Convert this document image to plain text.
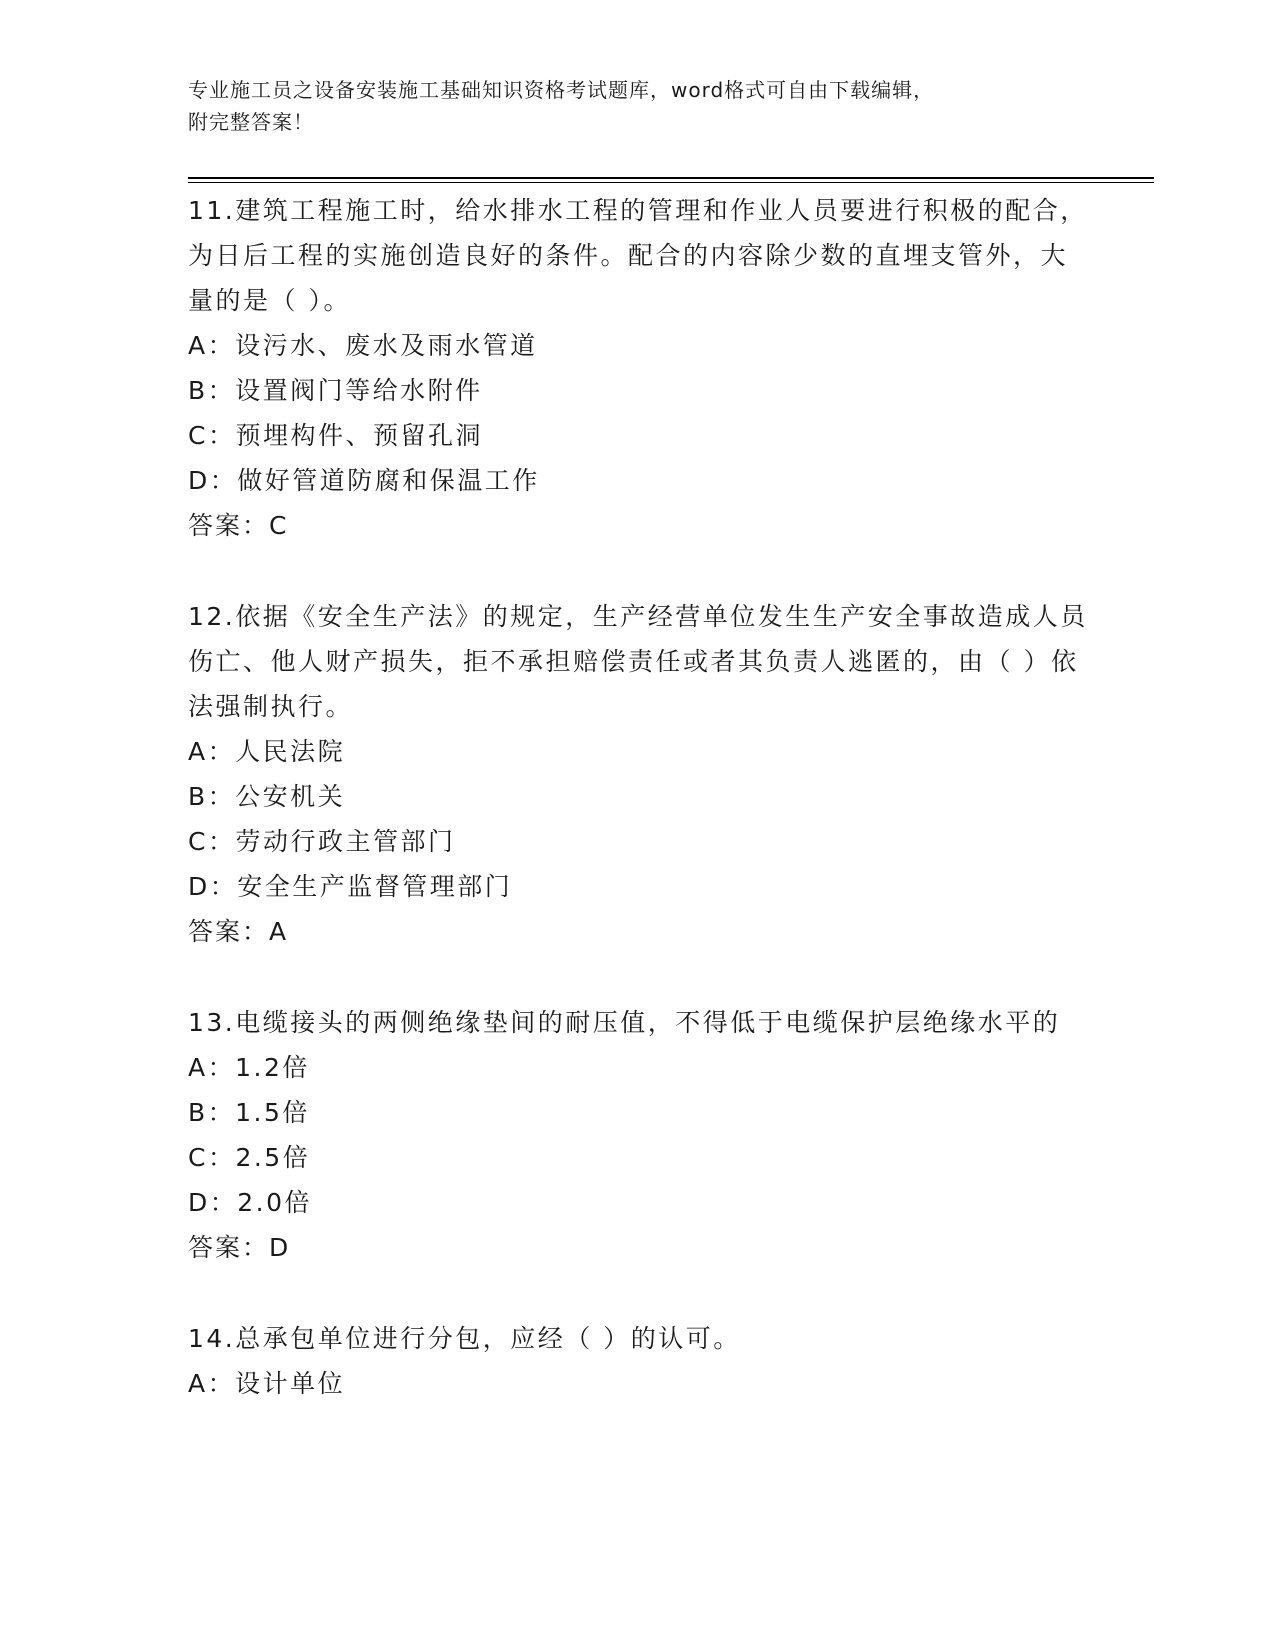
专业施工员之设备安装施工基础知识资格考试题库，word格式可自由下载编辑，
附完整答案！

11.建筑工程施工时，给水排水工程的管理和作业人员要进行积极的配合，为日后工程的实施创造良好的条件。配合的内容除少数的直埋支管外，大量的是（ ）。

A：设污水、废水及雨水管道

B：设置阀门等给水附件

C：预埋构件、预留孔洞

D：做好管道防腐和保温工作

答案：C

12.依据《安全生产法》的规定，生产经营单位发生生产安全事故造成人员伤亡、他人财产损失，拒不承担赔偿责任或者其负责人逃匿的，由（ ）依法强制执行。

A：人民法院

B：公安机关

C：劳动行政主管部门

D：安全生产监督管理部门

答案：A

13.电缆接头的两侧绝缘垫间的耐压值，不得低于电缆保护层绝缘水平的

A：1.2倍

B：1.5倍

C：2.5倍

D：2.0倍

答案：D

14.总承包单位进行分包，应经（ ）的认可。

A：设计单位
